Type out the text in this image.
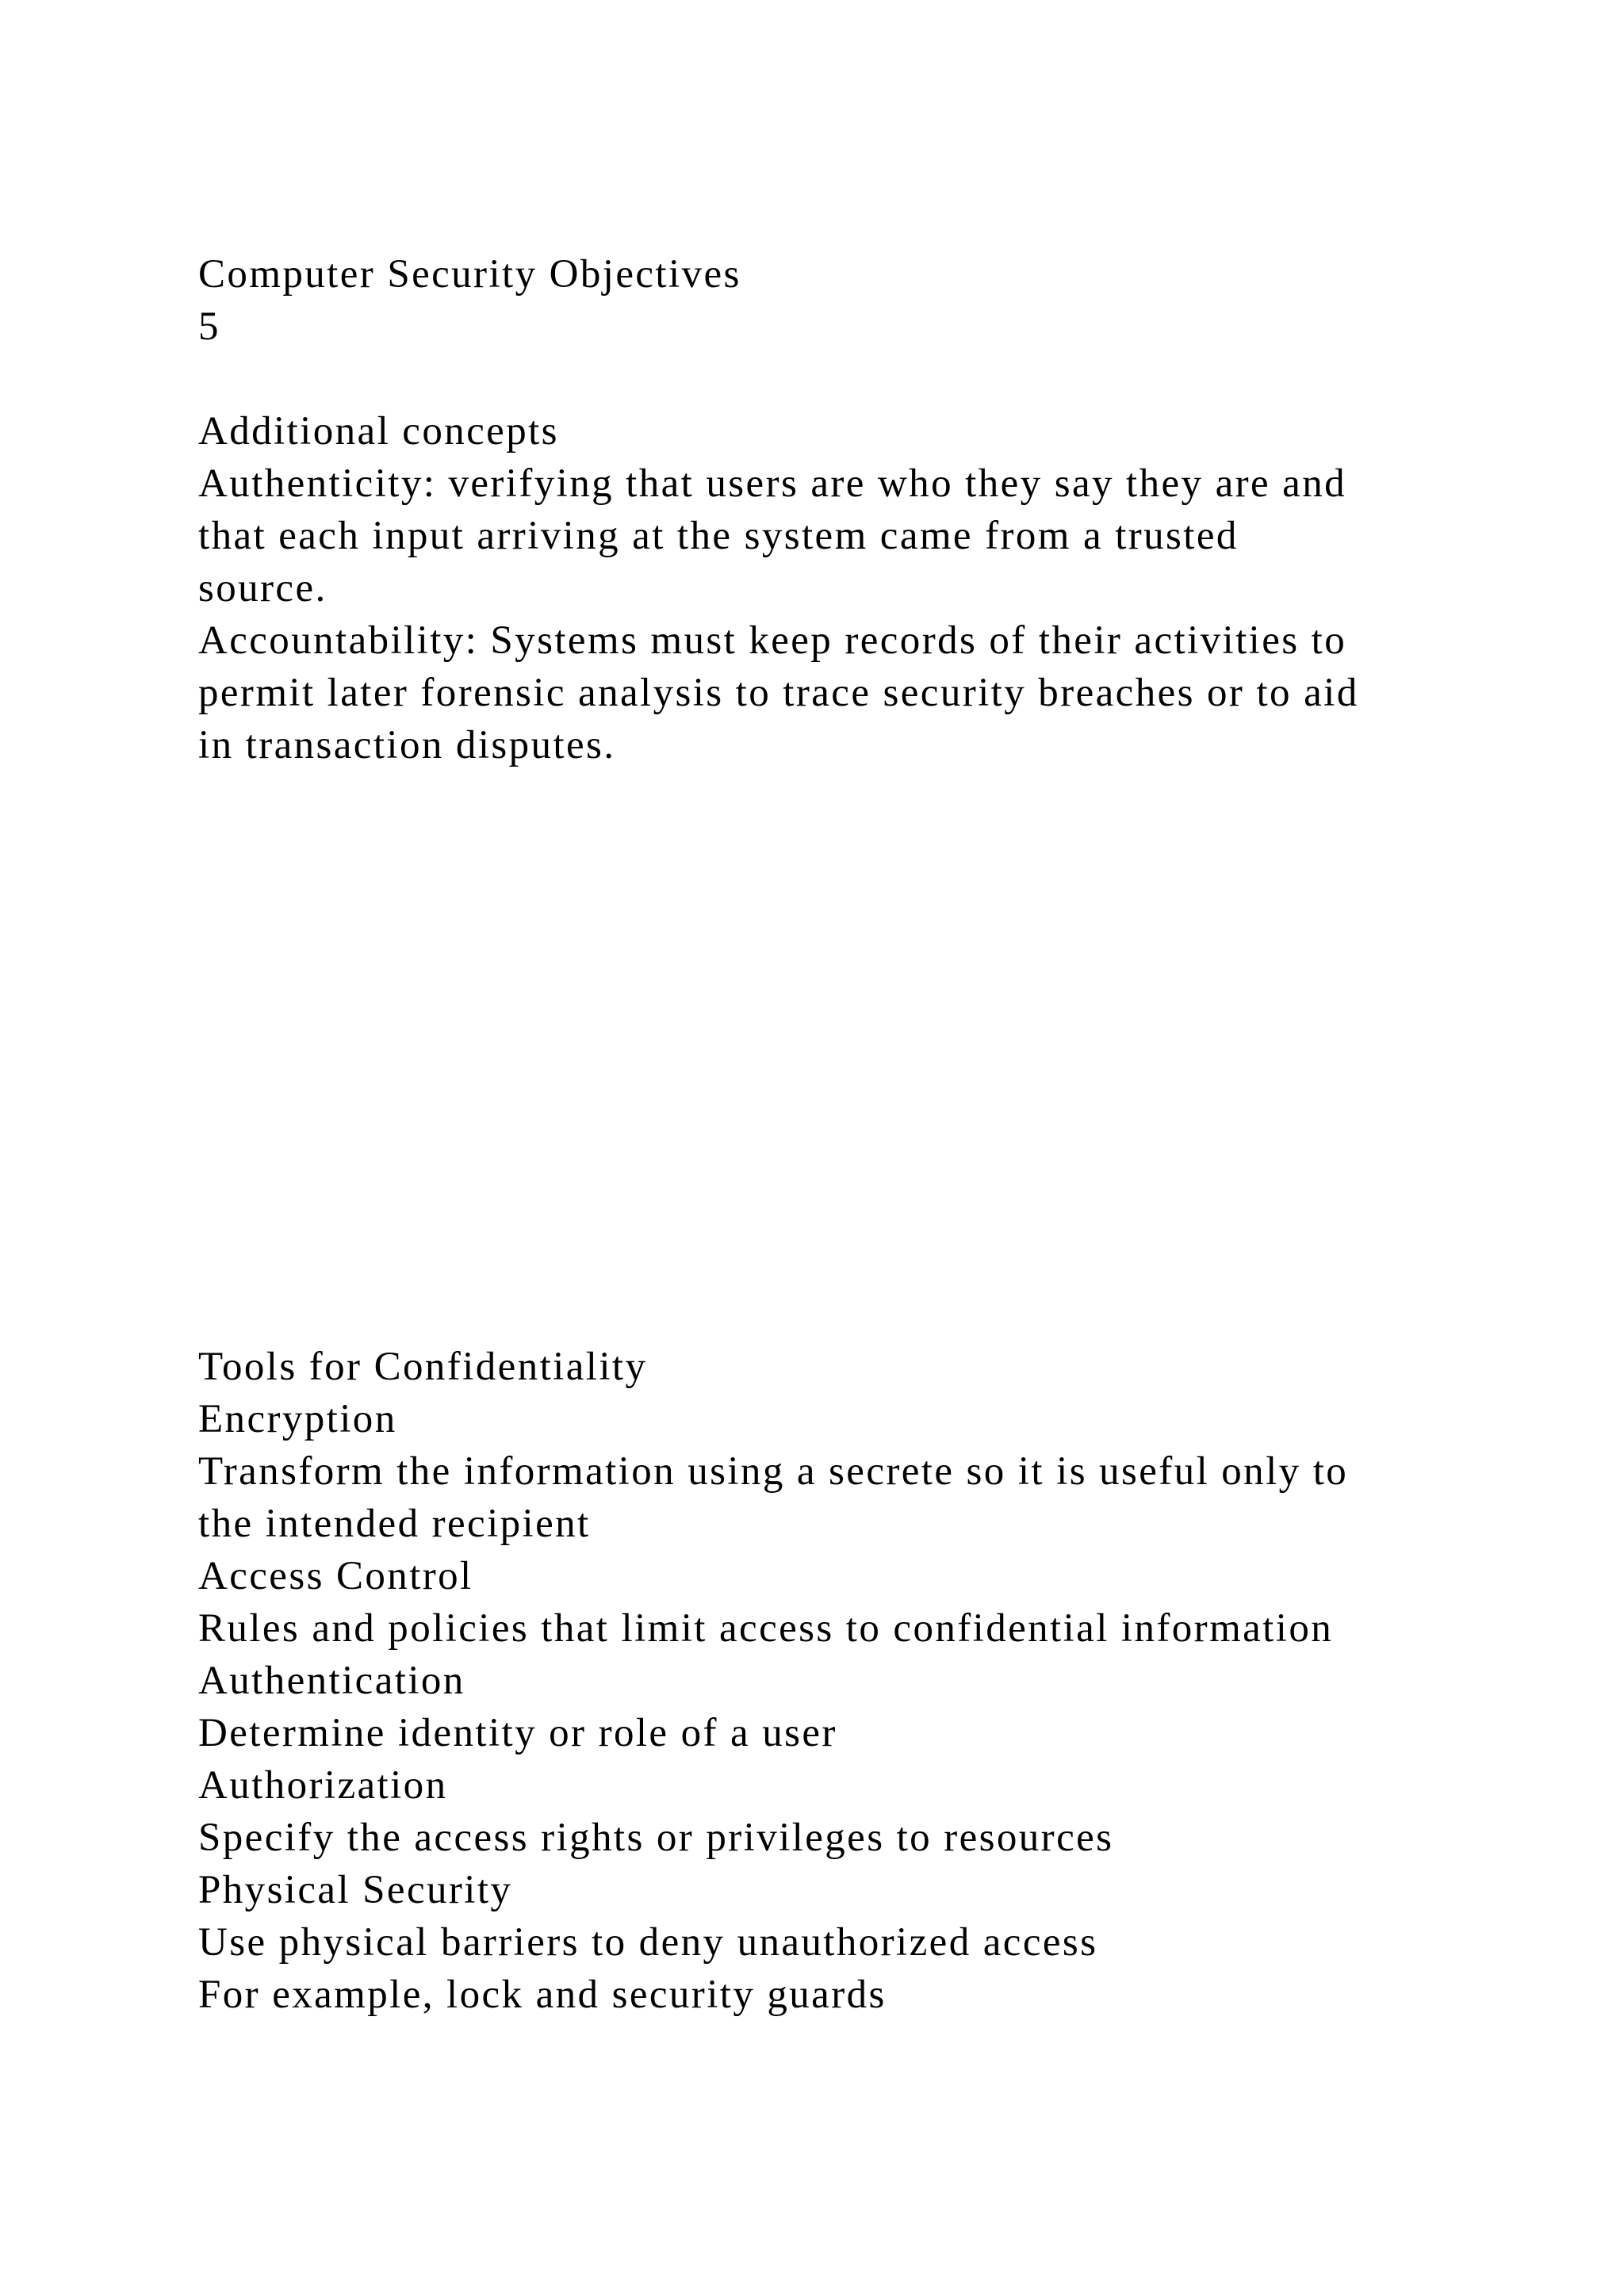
Computer Security Objectives
5
Additional concepts
Authenticity: verifying that users are who they say they are and
that each input arriving at the system came from a trusted
source.
Accountability: Systems must keep records of their activities to
permit later forensic analysis to trace security breaches or to aid
in transaction disputes.
Tools for Confidentiality
Encryption
Transform the information using a secrete so it is useful only to
the intended recipient
Access Control
Rules and policies that limit access to confidential information
Authentication
Determine identity or role of a user
Authorization
Specify the access rights or privileges to resources
Physical Security
Use physical barriers to deny unauthorized access
For example, lock and security guards
